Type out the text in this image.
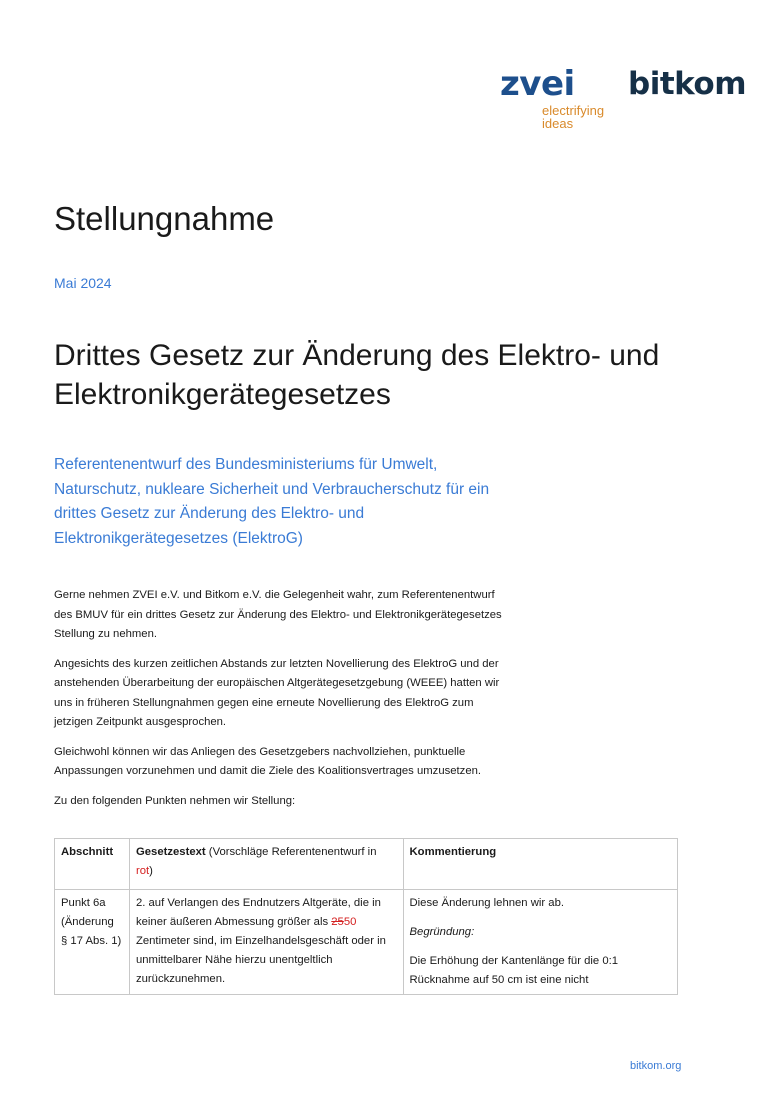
zvei
electrifying ideas
bitkom
Stellungnahme
Mai 2024
Drittes Gesetz zur Änderung des Elektro- und Elektronikgerätegesetzes
Referentenentwurf des Bundesministeriums für Umwelt, Naturschutz, nukleare Sicherheit und Verbraucherschutz für ein drittes Gesetz zur Änderung des Elektro- und Elektronikgerätegesetzes (ElektroG)

Gerne nehmen ZVEI e.V. und Bitkom e.V. die Gelegenheit wahr, zum Referentenentwurf des BMUV für ein drittes Gesetz zur Änderung des Elektro- und Elektronikgerätegesetzes Stellung zu nehmen.

Angesichts des kurzen zeitlichen Abstands zur letzten Novellierung des ElektroG und der anstehenden Überarbeitung der europäischen Altgerätegesetzgebung (WEEE) hatten wir uns in früheren Stellungnahmen gegen eine erneute Novellierung des ElektroG zum jetzigen Zeitpunkt ausgesprochen.

Gleichwohl können wir das Anliegen des Gesetzgebers nachvollziehen, punktuelle Anpassungen vorzunehmen und damit die Ziele des Koalitionsvertrages umzusetzen.

Zu den folgenden Punkten nehmen wir Stellung:

Abschnitt	Gesetzestext (Vorschläge Referentenentwurf in rot)	Kommentierung
Punkt 6a (Änderung § 17 Abs. 1)	2. auf Verlangen des Endnutzers Altgeräte, die in keiner äußeren Abmessung größer als 2550 Zentimeter sind, im Einzelhandelsgeschäft oder in unmittelbarer Nähe hierzu unentgeltlich zurückzunehmen.	Diese Änderung lehnen wir ab.
Begründung:
Die Erhöhung der Kantenlänge für die 0:1 Rücknahme auf 50 cm ist eine nicht
bitkom.org
